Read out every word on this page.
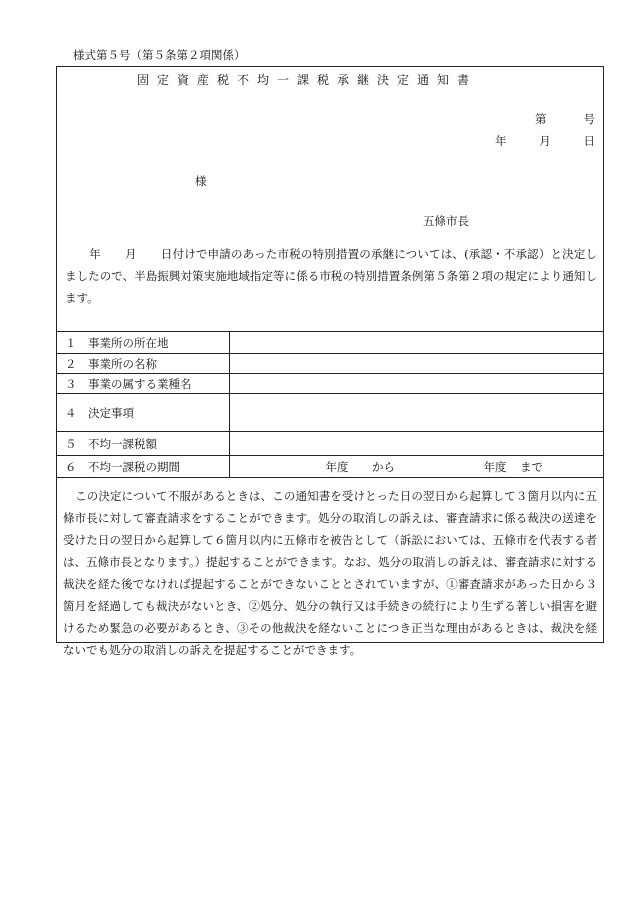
様式第５号（第５条第２項関係）
固定資産税不均一課税承継決定通知書
第	号
年	月	日
様
五條市長
年 月 日付けで申請のあった市税の特別措置の承継については、(承認・不承認）と決定しましたので、半島振興対策実施地域指定等に係る市税の特別措置条例第５条第２項の規定により通知します。
１　事業所の所在地	
２　事業所の名称	
３　事業の属する業種名	
４　決定事項	
５　不均一課税額	
６　不均一課税の期間	年度 から 年度 まで
この決定について不服があるときは、この通知書を受けとった日の翌日から起算して３箇月以内に五條市長に対して審査請求をすることができます。処分の取消しの訴えは、審査請求に係る裁決の送達を受けた日の翌日から起算して６箇月以内に五條市を被告として（訴訟においては、五條市を代表する者は、五條市長となります。）提起することができます。なお、処分の取消しの訴えは、審査請求に対する裁決を経た後でなければ提起することができないこととされていますが、①審査請求があった日から３箇月を経過しても裁決がないとき、②処分、処分の執行又は手続きの続行により生ずる著しい損害を避けるため緊急の必要があるとき、③その他裁決を経ないことにつき正当な理由があるときは、裁決を経ないでも処分の取消しの訴えを提起することができます。
